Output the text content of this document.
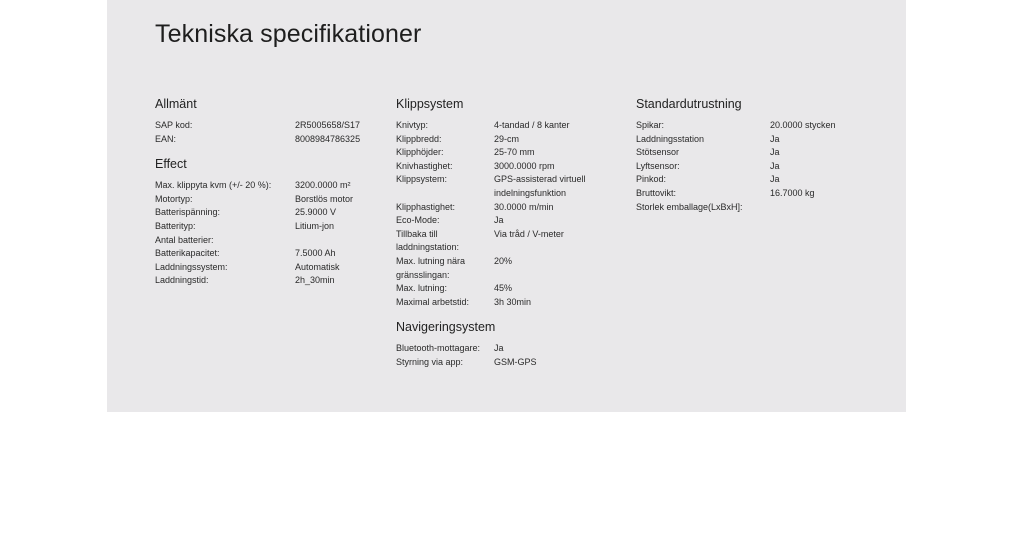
Tekniska specifikationer
Allmänt
SAP kod:	2R5005658/S17
EAN:	8008984786325
Effect
Max. klippyta kvm (+/- 20 %):	3200.0000 m²
Motortyp:	Borstlös motor
Batterispänning:	25.9000 V
Batterityp:	Litium-jon
Antal batterier:
Batterikapacitet:	7.5000 Ah
Laddningssystem:	Automatisk
Laddningstid:	2h_30min
Klippsystem
Knivtyp:	4-tandad / 8 kanter
Klippbredd:	29-cm
Klipphöjder:	25-70 mm
Knivhastighet:	3000.0000 rpm
Klippsystem:	GPS-assisterad virtuell indelningsfunktion
Klipphastighet:	30.0000 m/min
Eco-Mode:	Ja
Tillbaka till laddningstation:
Via tråd / V-meter
Max. lutning nära gränsslingan:
20%
Max. lutning:	45%
Maximal arbetstid:	3h 30min
Navigeringsystem
Bluetooth-mottagare:	Ja
Styrning via app:	GSM-GPS
Standardutrustning
Spikar:	20.0000 stycken
Laddningsstation	Ja
Stötsensor	Ja
Lyftsensor:	Ja
Pinkod:	Ja
Bruttovikt:	16.7000 kg
Storlek emballage(LxBxH]:
